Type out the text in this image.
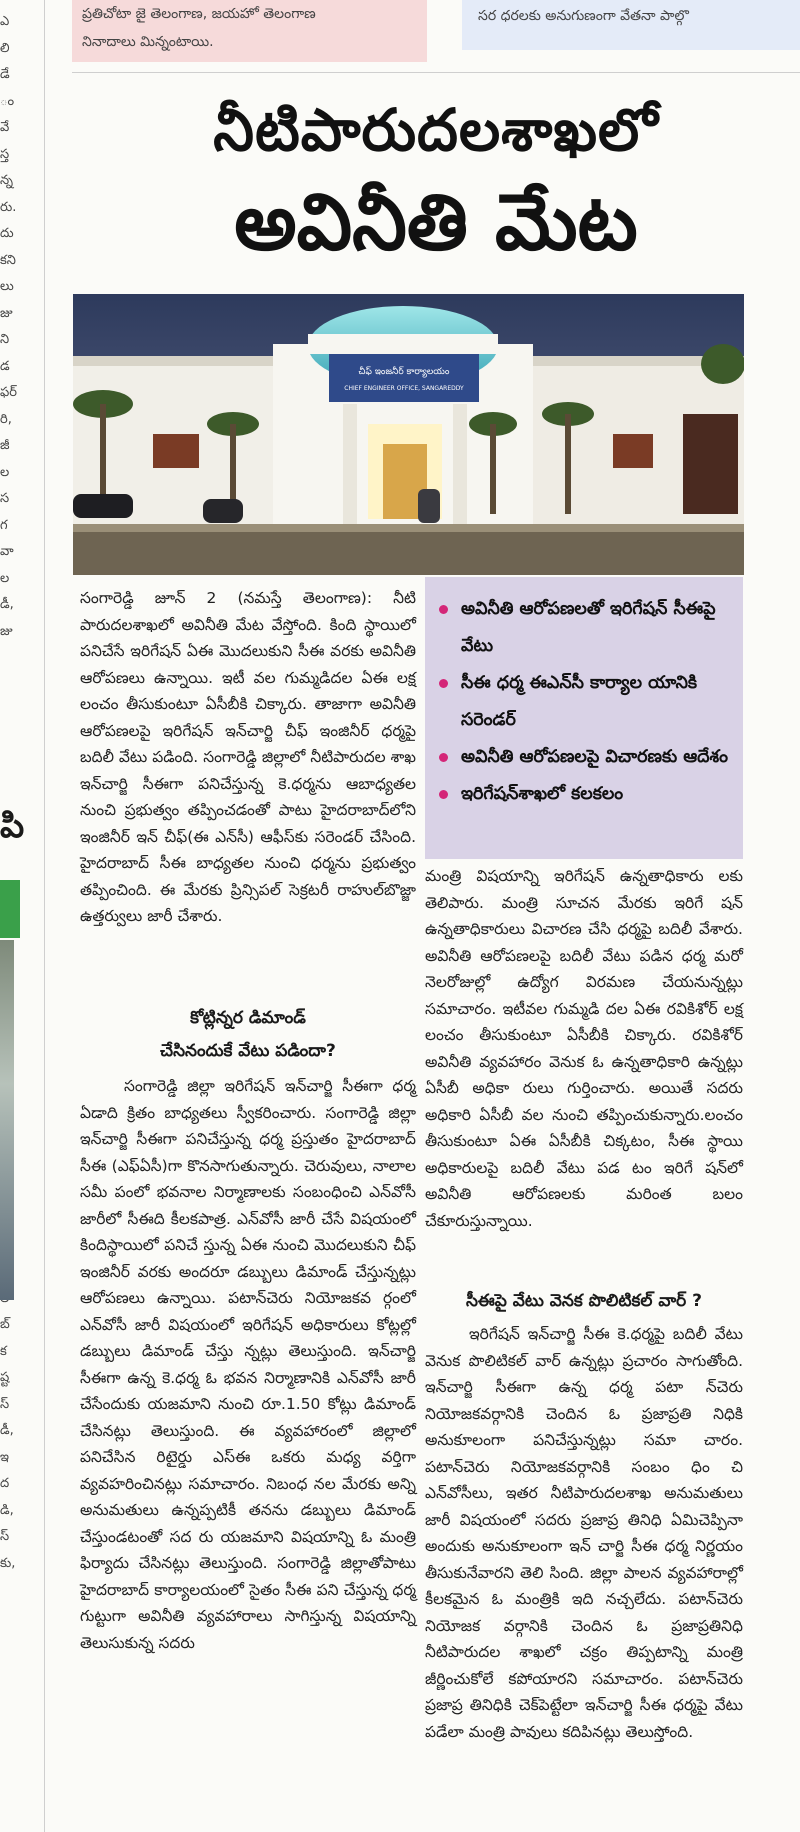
ప్రతిచోటా జై తెలంగాణ, జయహో తెలంగాణ

నినాదాలు మిన్నంటాయి.

సర ధరలకు అనుగుణంగా వేతనా పాల్గొ

ఎ
లి
డే
ం
వే
స్త
న్న
రు.
దు
కని
లు
జు
ని
డ
ఫర్
రి,
జీ
ల
స
గ
వా
ల
డీ,
జు
బ్
క
ష్ట
స్
డీ,
ఇ
ద
డి,
స్
కు,
పి
నీటిపారుదలశాఖలో
అవినీతి మేట
చీఫ్ ఇంజనీర్ కార్యాలయం
CHIEF ENGINEER OFFICE, SANGAREDDY
అవినీతి ఆరోపణలతో ఇరిగేషన్ సీఈపై వేటు
సీఈ ధర్మ ఈఎన్‌సీ కార్యాల యానికి సరెండర్
అవినీతి ఆరోపణలపై విచారణకు ఆదేశం
ఇరిగేషన్‌శాఖలో కలకలం
సంగారెడ్డి జూన్ 2 (నమస్తే తెలంగాణ): నీటి పారుదలశాఖలో అవినీతి మేట వేస్తోంది. కింది స్థాయిలో పనిచేసే ఇరిగేషన్ ఏఈ మొదలుకుని సీఈ వరకు అవినీతి ఆరోపణలు ఉన్నాయి. ఇటీ వల గుమ్మడిదల ఏఈ లక్ష లంచం తీసుకుంటూ ఏసీబీకి చిక్కారు. తాజాగా అవినీతి ఆరోపణలపై ఇరిగేషన్ ఇన్‌చార్జి చీఫ్ ఇంజినీర్ ధర్మపై బదిలీ వేటు పడింది. సంగారెడ్డి జిల్లాలో నీటిపారుదల శాఖ ఇన్‌చార్జి సీఈగా పనిచేస్తున్న కె.ధర్మను ఆబాధ్యతల నుంచి ప్రభుత్వం తప్పించడంతో పాటు హైదరాబాద్‌లోని ఇంజినీర్ ఇన్ చీఫ్(ఈ ఎన్‌సీ) ఆఫీస్‌కు సరెండర్ చేసింది. హైదరాబాద్ సీఈ బాధ్యతల నుంచి ధర్మను ప్రభుత్వం తప్పించింది. ఈ మేరకు ప్రిన్సిపల్ సెక్రటరీ రాహుల్‌బొజ్జా ఉత్తర్వులు జారీ చేశారు.
కోట్లిన్నర డిమాండ్
చేసినందుకే వేటు పడిందా?
సంగారెడ్డి జిల్లా ఇరిగేషన్ ఇన్‌చార్జి సీఈగా ధర్మ ఏడాది క్రితం బాధ్యతలు స్వీకరించారు. సంగారెడ్డి జిల్లా ఇన్‌చార్జి సీఈగా పనిచేస్తున్న ధర్మ ప్రస్తుతం హైదరాబాద్ సీఈ (ఎఫ్‌ఏసీ)గా కొనసాగుతున్నారు. చెరువులు, నాలాల సమీ పంలో భవనాల నిర్మాణాలకు సంబంధించి ఎన్‌వోసీ జారీలో సీఈది కీలకపాత్ర. ఎన్‌వోసీ జారీ చేసే విషయంలో కిందిస్థాయిలో పనిచే స్తున్న ఏఈ నుంచి మొదలుకుని చీఫ్ ఇంజినీర్ వరకు అందరూ డబ్బులు డిమాండ్ చేస్తున్నట్లు ఆరోపణలు ఉన్నాయి. పటాన్‌చెరు నియోజకవ ర్గంలో ఎన్‌వోసీ జారీ విషయంలో ఇరిగేషన్ అధికారులు కోట్లల్లో డబ్బులు డిమాండ్ చేస్తు న్నట్లు తెలుస్తుంది. ఇన్‌చార్జి సీఈగా ఉన్న కె.ధర్మ ఓ భవన నిర్మాణానికి ఎన్‌వోసీ జారీ చేసేందుకు యజమాని నుంచి రూ.1.50 కోట్లు డిమాండ్ చేసినట్లు తెలుస్తుంది. ఈ వ్యవహారంలో జిల్లాలో పనిచేసిన రిటైర్డు ఎస్‌ఈ ఒకరు మధ్య వర్తిగా వ్యవహరించినట్లు సమాచారం. నిబంధ నల మేరకు అన్ని అనుమతులు ఉన్నప్పటికీ తనను డబ్బులు డిమాండ్ చేస్తుండటంతో సద రు యజమాని విషయాన్ని ఓ మంత్రి ఫిర్యాదు చేసినట్లు తెలుస్తుంది. సంగారెడ్డి జిల్లాతోపాటు హైదరాబాద్ కార్యాలయంలో సైతం సీఈ పని చేస్తున్న ధర్మ గుట్టుగా అవినీతి వ్యవహారాలు సాగిస్తున్న విషయాన్ని తెలుసుకున్న సదరు
మంత్రి విషయాన్ని ఇరిగేషన్ ఉన్నతాధికారు లకు తెలిపారు. మంత్రి సూచన మేరకు ఇరిగే షన్ ఉన్నతాధికారులు విచారణ చేసి ధర్మపై బదిలీ వేశారు. అవినీతి ఆరోపణలపై బదిలీ వేటు పడిన ధర్మ మరో నెలరోజుల్లో ఉద్యోగ విరమణ చేయనున్నట్లు సమాచారం. ఇటీవల గుమ్మడి దల ఏఈ రవికిశోర్ లక్ష లంచం తీసుకుంటూ ఏసీబీకి చిక్కారు. రవికిశోర్ అవినీతి వ్యవహారం వెనుక ఓ ఉన్నతాధికారి ఉన్నట్లు ఏసీబీ అధికా రులు గుర్తించారు. అయితే సదరు అధికారి ఏసీబీ వల నుంచి తప్పించుకున్నారు.లంచం తీసుకుంటూ ఏఈ ఏసీబీకి చిక్కటం, సీఈ స్థాయి అధికారులపై బదిలీ వేటు పడ టం ఇరిగే షన్‌లో అవినీతి ఆరోపణలకు మరింత బలం చేకూరుస్తున్నాయి.
సీఈపై వేటు వెనక పొలిటికల్ వార్ ?
ఇరిగేషన్ ఇన్‌చార్జి సీఈ కె.ధర్మపై బదిలీ వేటు వెనుక పొలిటికల్ వార్ ఉన్నట్లు ప్రచారం సాగుతోంది. ఇన్‌చార్జి సీఈగా ఉన్న ధర్మ పటా న్‌చెరు నియోజకవర్గానికి చెందిన ఓ ప్రజాప్రతి నిధికి అనుకూలంగా పనిచేస్తున్నట్లు సమా చారం. పటాన్‌చెరు నియోజకవర్గానికి సంబం ధిం చి ఎన్‌వోసీలు, ఇతర నీటిపారుదలశాఖ అనుమతులు జారీ విషయంలో సదరు ప్రజాప్ర తినిధి ఏమిచెప్పినా అందుకు అనుకూలంగా ఇన్ చార్జి సీఈ ధర్మ నిర్ణయం తీసుకునేవారని తెలి సింది. జిల్లా పాలన వ్యవహారాల్లో కీలకమైన ఓ మంత్రికి ఇది నచ్చలేదు. పటాన్‌చెరు నియోజక వర్గానికి చెందిన ఓ ప్రజాప్రతినిధి నీటిపారుదల శాఖలో చక్రం తిప్పటాన్ని మంత్రి జీర్ణించుకోలే కపోయారని సమాచారం. పటాన్‌చెరు ప్రజాప్ర తినిధికి చెక్‌పెట్టేలా ఇన్‌చార్జి సీఈ ధర్మపై వేటు పడేలా మంత్రి పావులు కదిపినట్లు తెలుస్తోంది.
